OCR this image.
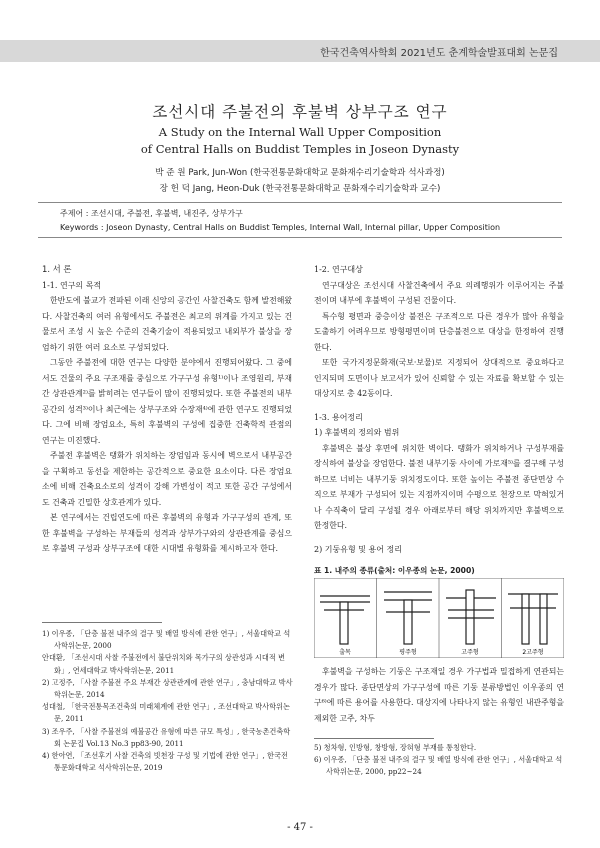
한국건축역사학회 2021년도 춘계학술발표대회 논문집
조선시대 주불전의 후불벽 상부구조 연구
A Study on the Internal Wall Upper Composition
of Central Halls on Buddist Temples in Joseon Dynasty
박 준 원 Park, Jun-Won (한국전통문화대학교 문화재수리기술학과 석사과정)
장 헌 덕 Jang, Heon-Duk (한국전통문화대학교 문화재수리기술학과 교수)
주제어 : 조선시대, 주불전, 후불벽, 내진주, 상부가구
Keywords : Joseon Dynasty, Central Halls on Buddist Temples, Internal Wall, Internal pillar, Upper Composition
1. 서 론
1-1. 연구의 목적

한반도에 불교가 전파된 이래 신앙의 공간인 사찰건축도 함께 발전해왔다. 사찰건축의 여러 유형에서도 주불전은 최고의 위계를 가지고 있는 건물로서 조성 시 높은 수준의 건축기술이 적용되었고 내외부가 불상을 장엄하기 위한 여러 요소로 구성되었다.

그동안 주불전에 대한 연구는 다양한 분야에서 진행되어왔다. 그 중에서도 건물의 주요 구조재를 중심으로 가구구성 유형¹⁾이나 조영원리, 부재 간 상관관계²⁾를 밝히려는 연구들이 많이 진행되었다. 또한 주불전의 내부 공간의 성격³⁾이나 최근에는 상부구조와 수장재⁴⁾에 관한 연구도 진행되었다. 그에 비해 장엄요소, 특히 후불벽의 구성에 집중한 건축학적 관점의 연구는 미진했다.

주불전 후불벽은 탱화가 위치하는 장엄임과 동시에 벽으로서 내부공간을 구획하고 동선을 제한하는 공간적으로 중요한 요소이다. 다른 장엄요소에 비해 건축요소로의 성격이 강해 가변성이 적고 또한 공간 구성에서도 건축과 긴밀한 상호관계가 있다.

본 연구에서는 건립연도에 따른 후불벽의 유형과 가구구성의 관계, 또한 후불벽을 구성하는 부재들의 성격과 상부가구와의 상관관계를 중심으로 후불벽 구성과 상부구조에 대한 시대별 유형화를 제시하고자 한다.

1) 이우종, 「단층 불전 내주의 결구 및 배열 방식에 관한 연구」, 서울대학교 석사학위논문, 2000
안대환, 「조선시대 사찰 주불전에서 불단위치와 목가구의 상관성과 시대적 변화」, 연세대학교 박사학위논문, 2011
2) 고정주, 「사찰 주불전 주요 부재간 상관관계에 관한 연구」, 충남대학교 박사학위논문, 2014
성대철, 「한국전통목조건축의 미래체계에 관한 연구」, 조선대학교 박사학위논문, 2011
3) 조우주, 「사찰 주불전의 예불공간 유형에 따른 규모 특성」, 한국농촌건축학회 논문집 Vol.13 No.3 pp83-90, 2011
4) 한아연, 「조선후기 사찰 건축의 빗천장 구성 및 기법에 관한 연구」, 한국전통문화대학교 석사학위논문, 2019
1-2. 연구대상

연구대상은 조선시대 사찰건축에서 주요 의례행위가 이루어지는 주불전이며 내부에 후불벽이 구성된 건물이다.

특수형 평면과 중층이상 불전은 구조적으로 다른 경우가 많아 유형을 도출하기 어려우므로 방형평면이며 단층불전으로 대상을 한정하여 진행한다.

또한 국가지정문화재(국보·보물)로 지정되어 상대적으로 중요하다고 인지되며 도면이나 보고서가 있어 신뢰할 수 있는 자료를 확보할 수 있는 대상지로 총 42동이다.

1-3. 용어정리
1) 후불벽의 정의와 범위

후불벽은 불상 후면에 위치한 벽이다. 탱화가 위치하거나 구성부재를 장식하여 불상을 장엄한다. 불전 내부기둥 사이에 가로재⁵⁾를 결구해 구성하므로 너비는 내부기둥 위치정도이다. 또한 높이는 주불전 종단면상 수직으로 부재가 구성되어 있는 지점까지이며 수평으로 천장으로 막혀있거나 수직축이 달리 구성될 경우 아래로부터 해당 위치까지만 후불벽으로 한정한다.

2) 기둥유형 및 용어 정리
표 1. 내주의 종류(출처: 이우종의 논문, 2000)
출목	평주형	고주형	2고주형

후불벽을 구성하는 기둥은 구조재일 경우 가구법과 밀접하게 연관되는 경우가 많다. 종단면상의 가구구성에 따른 기둥 분류방법인 이우종의 연구⁶⁾에 따른 용어를 사용한다. 대상지에 나타나지 않는 유형인 내관주형을 제외한 고주, 차두

5) 청차형, 인방형, 창방형, 장혀형 부재를 통칭한다.
6) 이우종, 「단층 불전 내주의 결구 및 배열 방식에 관한 연구」, 서울대학교 석사학위논문, 2000, pp22~24
- 47 -
